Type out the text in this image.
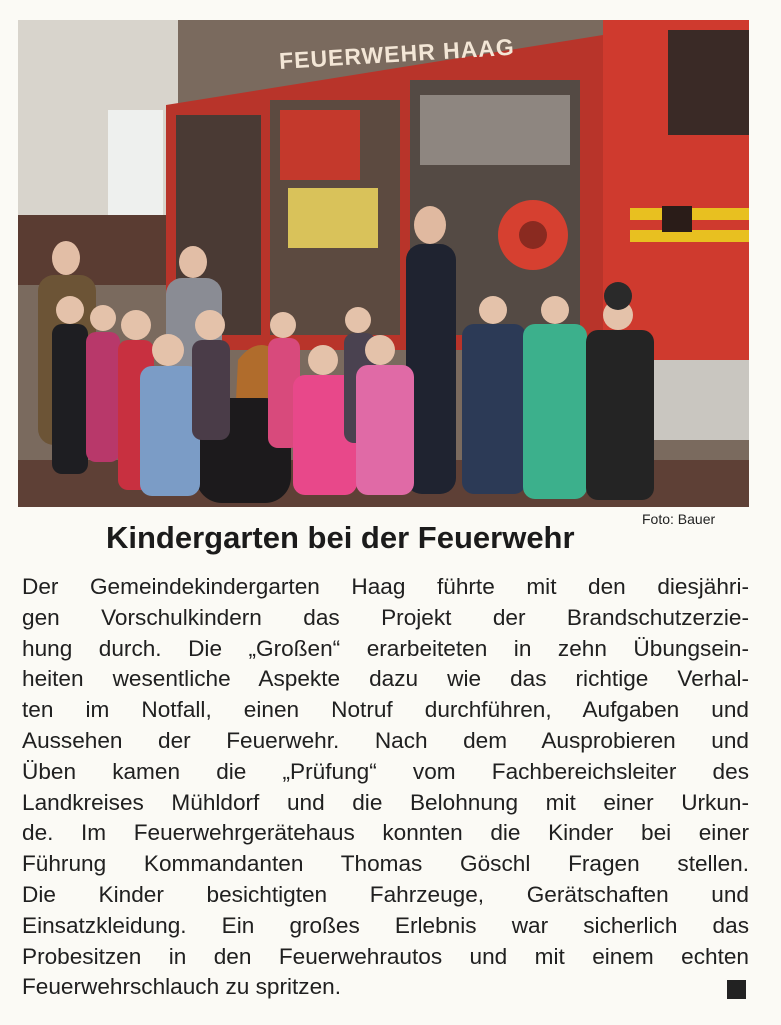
FEUERWEHR HAAG
Foto: Bauer
Kindergarten bei der Feuerwehr
Der Gemeindekindergarten Haag führte mit den diesjähri-
gen Vorschulkindern das Projekt der Brandschutzerzie-
hung durch. Die „Großen“ erarbeiteten in zehn Übungsein-
heiten wesentliche Aspekte dazu wie das richtige Verhal-
ten im Notfall, einen Notruf durchführen, Aufgaben und
Aussehen der Feuerwehr. Nach dem Ausprobieren und
Üben kamen die „Prüfung“ vom Fachbereichsleiter des
Landkreises Mühldorf und die Belohnung mit einer Urkun-
de. Im Feuerwehrgerätehaus konnten die Kinder bei einer
Führung Kommandanten Thomas Göschl Fragen stellen.
Die Kinder besichtigten Fahrzeuge, Gerätschaften und
Einsatzkleidung. Ein großes Erlebnis war sicherlich das
Probesitzen in den Feuerwehrautos und mit einem echten
Feuerwehrschlauch zu spritzen.
